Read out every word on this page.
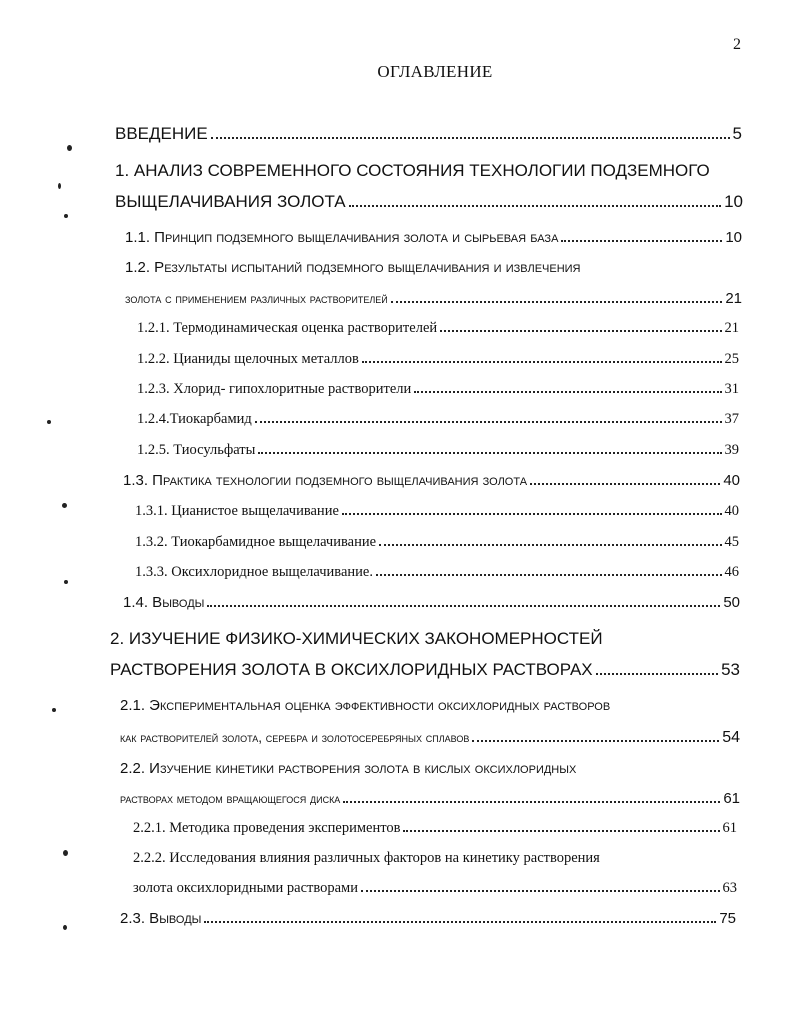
2
ОГЛАВЛЕНИЕ
ВВЕДЕНИЕ	5
1. АНАЛИЗ СОВРЕМЕННОГО СОСТОЯНИЯ ТЕХНОЛОГИИ ПОДЗЕМНОГО
ВЫЩЕЛАЧИВАНИЯ ЗОЛОТА	10
1.1. Принцип подземного выщелачивания золота и сырьевая база	10
1.2. Результаты испытаний подземного выщелачивания и извлечения
золота с применением различных растворителей	21
1.2.1. Термодинамическая оценка растворителей	21
1.2.2. Цианиды щелочных металлов	25
1.2.3. Хлорид- гипохлоритные растворители	31
1.2.4.Тиокарбамид	37
1.2.5. Тиосульфаты	39
1.3. Практика технологии подземного выщелачивания золота	40
1.3.1. Цианистое выщелачивание	40
1.3.2. Тиокарбамидное выщелачивание	45
1.3.3. Оксихлоридное выщелачивание.	46
1.4. Выводы	50
2. ИЗУЧЕНИЕ ФИЗИКО-ХИМИЧЕСКИХ ЗАКОНОМЕРНОСТЕЙ
РАСТВОРЕНИЯ ЗОЛОТА В ОКСИХЛОРИДНЫХ РАСТВОРАХ	53
2.1. Экспериментальная оценка эффективности оксихлоридных растворов
как растворителей золота, серебра и золотосеребряных сплавов	54
2.2. Изучение кинетики растворения золота в кислых оксихлоридных
растворах методом вращающегося диска	61
2.2.1. Методика проведения экспериментов	61
2.2.2. Исследования влияния различных факторов на кинетику растворения
золота оксихлоридными растворами	63
2.3. Выводы	75
